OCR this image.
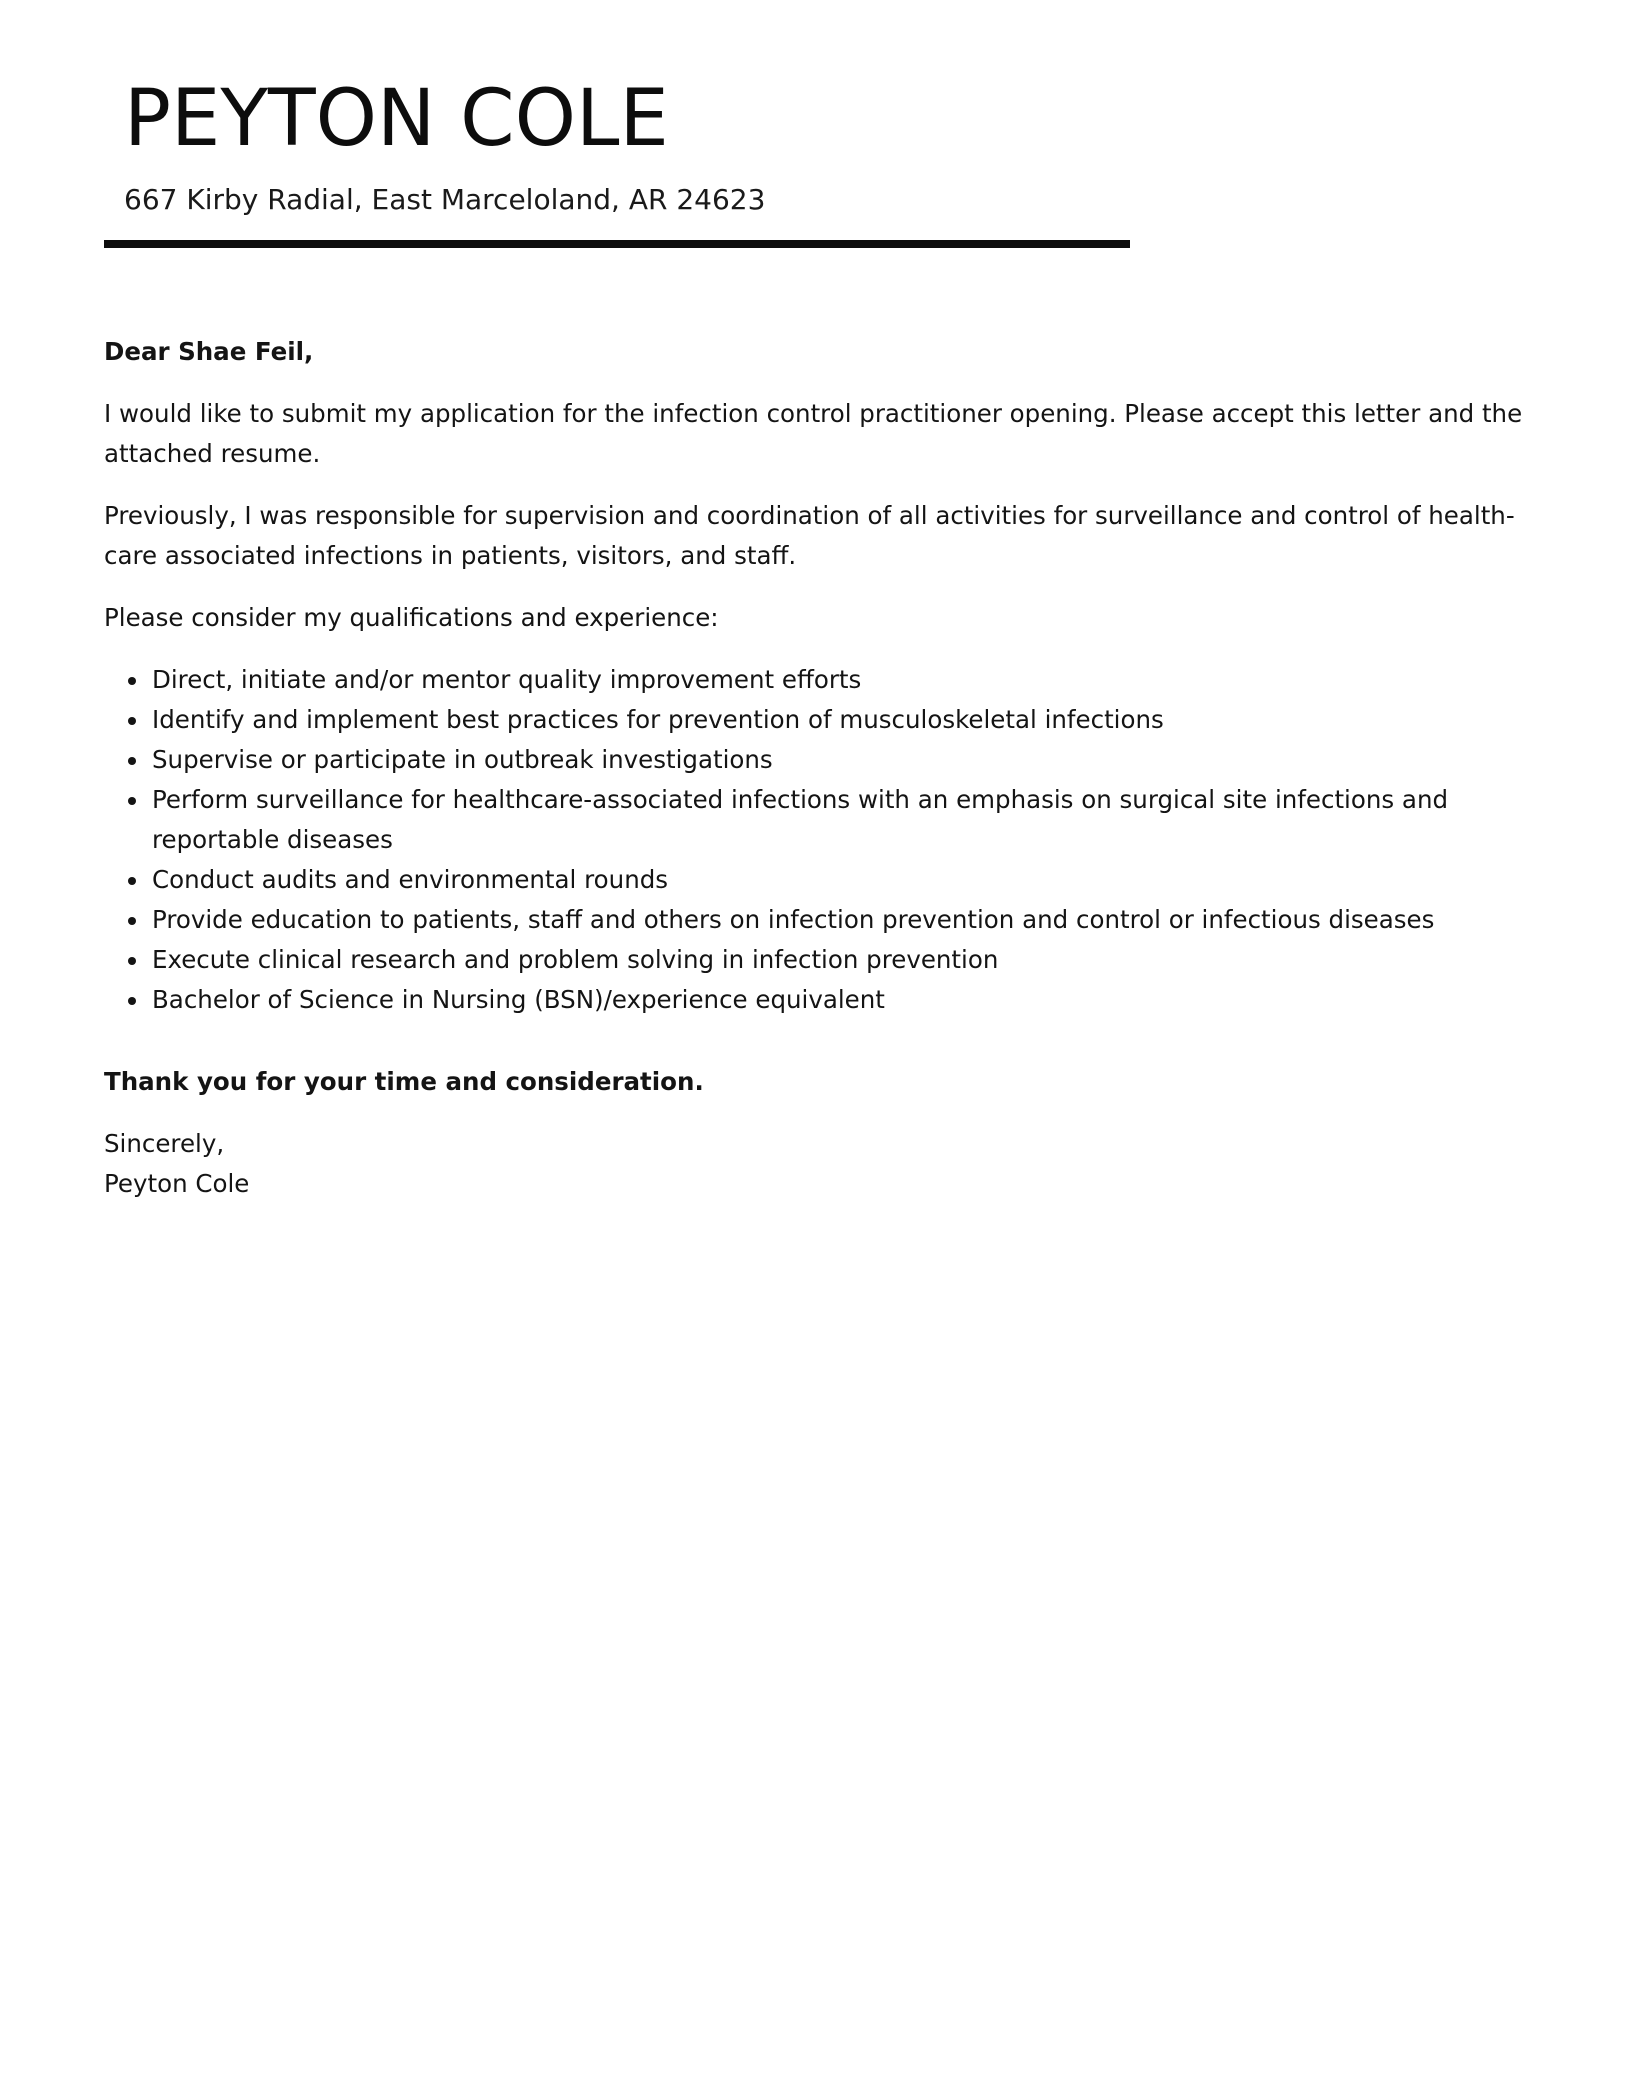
PEYTON COLE
667 Kirby Radial, East Marceloland, AR 24623

Dear Shae Feil,

I would like to submit my application for the infection control practitioner opening. Please accept this letter and the attached resume.

Previously, I was responsible for supervision and coordination of all activities for surveillance and control of health-care associated infections in patients, visitors, and staff.

Please consider my qualifications and experience:

Direct, initiate and/or mentor quality improvement efforts
Identify and implement best practices for prevention of musculoskeletal infections
Supervise or participate in outbreak investigations
Perform surveillance for healthcare-associated infections with an emphasis on surgical site infections and reportable diseases
Conduct audits and environmental rounds
Provide education to patients, staff and others on infection prevention and control or infectious diseases
Execute clinical research and problem solving in infection prevention
Bachelor of Science in Nursing (BSN)/experience equivalent

Thank you for your time and consideration.

Sincerely,

Peyton Cole
